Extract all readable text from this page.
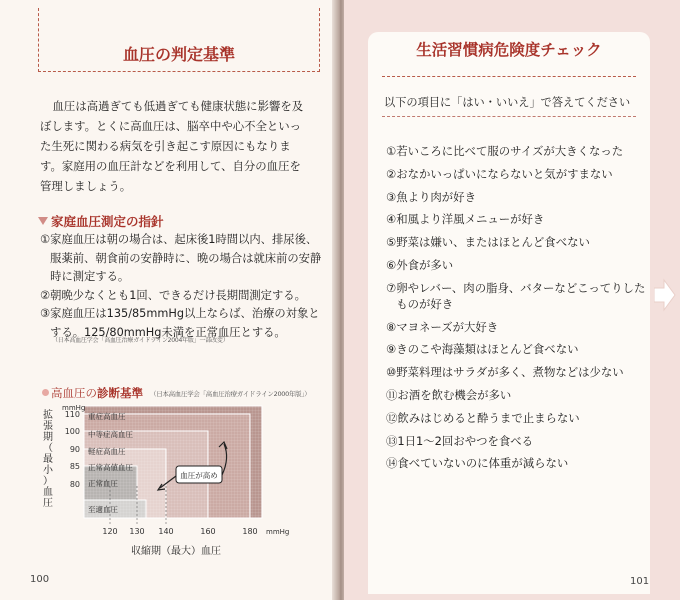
血圧の判定基準

血圧は高過ぎても低過ぎても健康状態に影響を及ぼします。とくに高血圧は、脳卒中や心不全といった生死に関わる病気を引き起こす原因にもなります。家庭用の血圧計などを利用して、自分の血圧を管理しましょう。

家庭血圧測定の指針
① 家庭血圧は朝の場合は、起床後1時間以内、排尿後、服薬前、朝食前の安静時に、晩の場合は就床前の安静時に測定する。
② 朝晩少なくとも1回、できるだけ長期間測定する。
③ 家庭血圧は135/85mmHg以上ならば、治療の対象とする。125/80mmHg未満を正常血圧とする。
（日本高血圧学会「高血圧治療ガイドライン2004年版」一部改変）
高血圧の診断基準 （日本高血圧学会「高血圧治療ガイドライン2000年版」）
重症高血圧
中等症高血圧
軽症高血圧
正常高値血圧
正常血圧
至適血圧
110
100
90
85
80
120 130 140	160	180
mmHg
mmHg
収縮期（最大）血圧
拡張期（最小）血圧
血圧が高め
100
生活習慣病危険度チェック
以下の項目に「はい・いいえ」で答えてください
① 若いころに比べて服のサイズが大きくなった
② おなかいっぱいにならないと気がすまない
③ 魚より肉が好き
④ 和風より洋風メニューが好き
⑤ 野菜は嫌い、またはほとんど食べない
⑥ 外食が多い
⑦ 卵やレバー、肉の脂身、バターなどこってりしたものが好き
⑧ マヨネーズが大好き
⑨ きのこや海藻類はほとんど食べない
⑩ 野菜料理はサラダが多く、煮物などは少ない
⑪ お酒を飲む機会が多い
⑫ 飲みはじめると酔うまで止まらない
⑬ 1日1～2回おやつを食べる
⑭ 食べていないのに体重が減らない
101
